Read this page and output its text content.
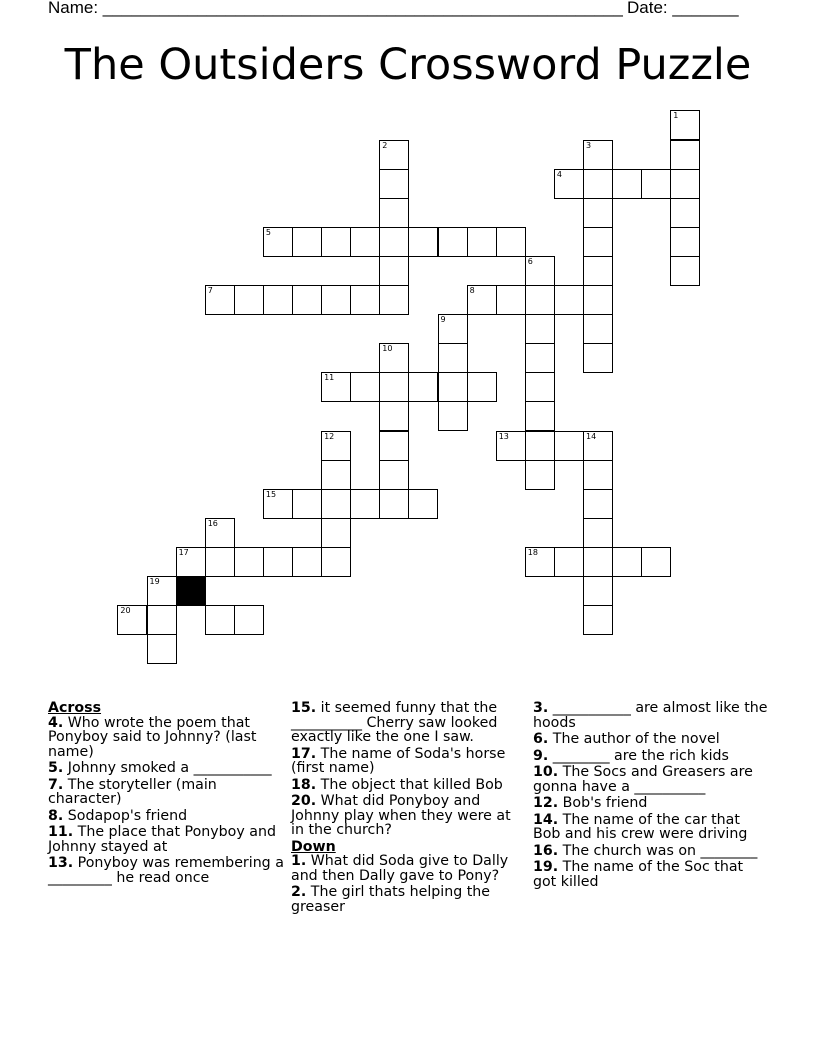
Name: _______________________________________________________ Date: _______
The Outsiders Crossword Puzzle
1
2	3
4
5
6
7	8
9
10
11
12	13	14
15
16
17	18
19
20
Across
4. Who wrote the poem that Ponyboy said to Johnny? (last name)
5. Johnny smoked a ___________
7. The storyteller (main character)
8. Sodapop's friend
11. The place that Ponyboy and Johnny stayed at
13. Ponyboy was remembering a _________ he read once
15. it seemed funny that the __________ Cherry saw looked exactly like the one I saw.
17. The name of Soda's horse (first name)
18. The object that killed Bob
20. What did Ponyboy and Johnny play when they were at in the church?
Down
1. What did Soda give to Dally and then Dally gave to Pony?
2. The girl thats helping the greaser
3. ___________ are almost like the hoods
6. The author of the novel
9. ________ are the rich kids
10. The Socs and Greasers are gonna have a __________
12. Bob's friend
14. The name of the car that Bob and his crew were driving
16. The church was on ________
19. The name of the Soc that got killed
